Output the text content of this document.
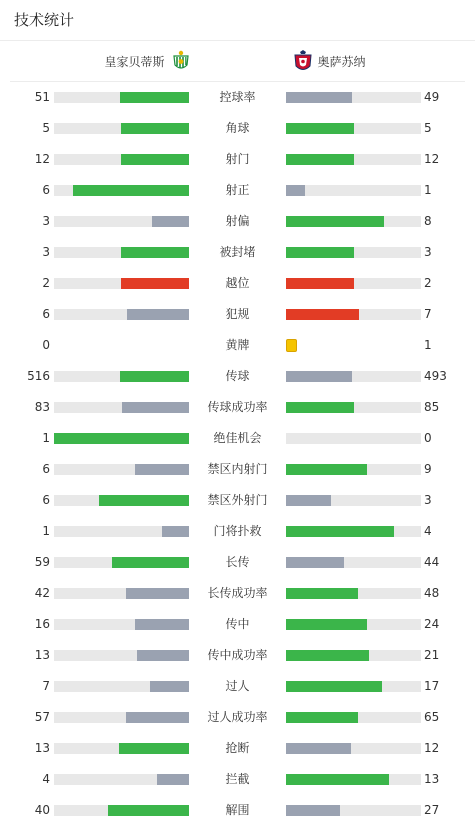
技术统计
皇家贝蒂斯	奥萨苏纳
51	控球率	49
5	角球	5
12	射门	12
6	射正	1
3	射偏	8
3	被封堵	3
2	越位	2
6	犯规	7
0	黄牌	1
516	传球	493
83	传球成功率	85
1	绝佳机会	0
6	禁区内射门	9
6	禁区外射门	3
1	门将扑救	4
59	长传	44
42	长传成功率	48
16	传中	24
13	传中成功率	21
7	过人	17
57	过人成功率	65
13	抢断	12
4	拦截	13
40	解围	27
